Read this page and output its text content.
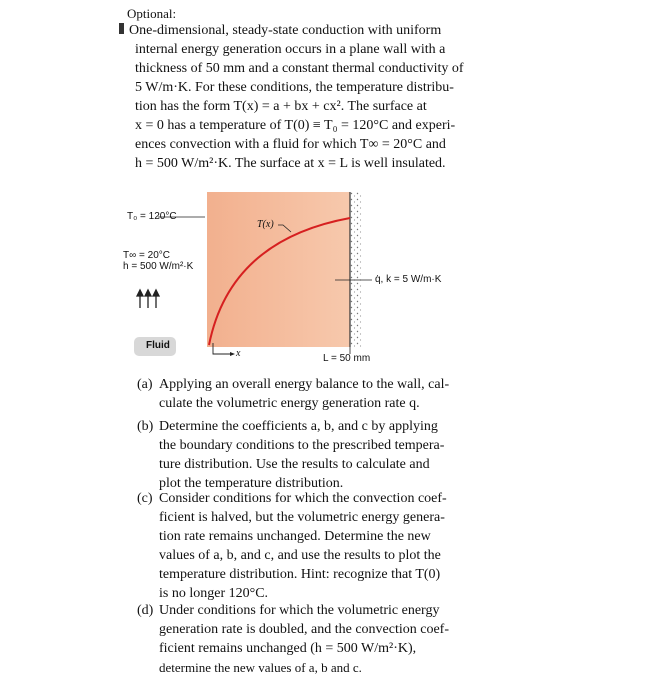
Optional:
One-dimensional, steady-state conduction with uniform
internal energy generation occurs in a plane wall with a
thickness of 50 mm and a constant thermal conductivity of
5 W/m·K. For these conditions, the temperature distribu-
tion has the form T(x) = a + bx + cx². The surface at
x = 0 has a temperature of T(0) ≡ T₀ = 120°C and experi-
ences convection with a fluid for which T∞ = 20°C and
h = 500 W/m²·K. The surface at x = L is well insulated.
T₀ = 120°C
T(x)
T∞ = 20°C
h = 500 W/m²·K
q̇, k = 5 W/m·K
Fluid
x	L = 50 mm
(a) Applying an overall energy balance to the wall, cal-
culate the volumetric energy generation rate q.
(b) Determine the coefficients a, b, and c by applying
the boundary conditions to the prescribed tempera-
ture distribution. Use the results to calculate and
plot the temperature distribution.
(c) Consider conditions for which the convection coef-
ficient is halved, but the volumetric energy genera-
tion rate remains unchanged. Determine the new
values of a, b, and c, and use the results to plot the
temperature distribution. Hint: recognize that T(0)
is no longer 120°C.
(d) Under conditions for which the volumetric energy
generation rate is doubled, and the convection coef-
ficient remains unchanged (h = 500 W/m²·K),
determine the new values of a, b and c.
